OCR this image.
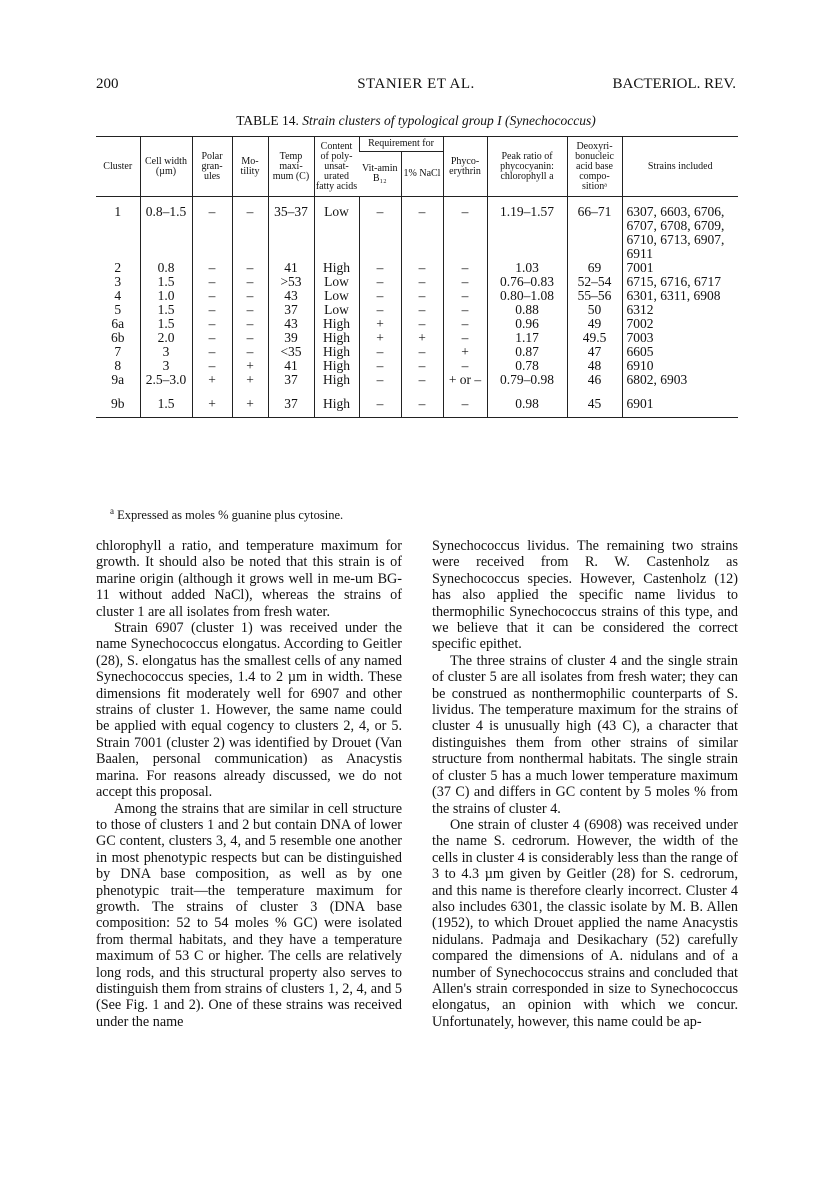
200	STANIER ET AL.	BACTERIOL. REV.
TABLE 14. Strain clusters of typological group I (Synechococcus)
Cluster	Cell width (µm)	Polar gran-ules	Mo-tility	Temp maxi-mum (C)	Content of poly-unsat-urated fatty acids	Requirement for		Phyco-erythrin	Peak ratio of phycocyanin: chlorophyll a	Deoxyri-bonucleic acid base compo-sitionᵃ	Strains included
						Vit-amin B₁₂	1% NaCl				
1	0.8–1.5	–	–	35–37	Low	–	–	–	1.19–1.57	66–71	6307, 6603, 6706, 6707, 6708, 6709, 6710, 6713, 6907, 6911
2	0.8	–	–	41	High	–	–	–	1.03	69	7001
3	1.5	–	–	>53	Low	–	–	–	0.76–0.83	52–54	6715, 6716, 6717
4	1.0	–	–	43	Low	–	–	–	0.80–1.08	55–56	6301, 6311, 6908
5	1.5	–	–	37	Low	–	–	–	0.88	50	6312
6a	1.5	–	–	43	High	+	–	–	0.96	49	7002
6b	2.0	–	–	39	High	+	+	–	1.17	49.5	7003
7	3	–	–	<35	High	–	–	+	0.87	47	6605
8	3	–	+	41	High	–	–	–	0.78	48	6910
9a	2.5–3.0	+	+	37	High	–	–	+ or –	0.79–0.98	46	6802, 6903
9b	1.5	+	+	37	High	–	–	–	0.98	45	6901
$^a$ Expressed as moles % guanine plus cytosine.

chlorophyll a ratio, and temperature maximum for growth. It should also be noted that this strain is of marine origin (although it grows well in me-um BG-11 without added NaCl), whereas the strains of cluster 1 are all isolates from fresh water.

Strain 6907 (cluster 1) was received under the name Synechococcus elongatus. According to Geitler (28), S. elongatus has the smallest cells of any named Synechococcus species, 1.4 to 2 µm in width. These dimensions fit moderately well for 6907 and other strains of cluster 1. However, the same name could be applied with equal cogency to clusters 2, 4, or 5. Strain 7001 (cluster 2) was identified by Drouet (Van Baalen, personal communication) as Anacystis marina. For reasons already discussed, we do not accept this proposal.

Among the strains that are similar in cell structure to those of clusters 1 and 2 but contain DNA of lower GC content, clusters 3, 4, and 5 resemble one another in most phenotypic respects but can be distinguished by DNA base composition, as well as by one phenotypic trait—the temperature maximum for growth. The strains of cluster 3 (DNA base composition: 52 to 54 moles % GC) were isolated from thermal habitats, and they have a temperature maximum of 53 C or higher. The cells are relatively long rods, and this structural property also serves to distinguish them from strains of clusters 1, 2, 4, and 5 (See Fig. 1 and 2). One of these strains was received under the name

Synechococcus lividus. The remaining two strains were received from R. W. Castenholz as Synechococcus species. However, Castenholz (12) has also applied the specific name lividus to thermophilic Synechococcus strains of this type, and we believe that it can be considered the correct specific epithet.

The three strains of cluster 4 and the single strain of cluster 5 are all isolates from fresh water; they can be construed as nonthermophilic counterparts of S. lividus. The temperature maximum for the strains of cluster 4 is unusually high (43 C), a character that distinguishes them from other strains of similar structure from nonthermal habitats. The single strain of cluster 5 has a much lower temperature maximum (37 C) and differs in GC content by 5 moles % from the strains of cluster 4.

One strain of cluster 4 (6908) was received under the name S. cedrorum. However, the width of the cells in cluster 4 is considerably less than the range of 3 to 4.3 µm given by Geitler (28) for S. cedrorum, and this name is therefore clearly incorrect. Cluster 4 also includes 6301, the classic isolate by M. B. Allen (1952), to which Drouet applied the name Anacystis nidulans. Padmaja and Desikachary (52) carefully compared the dimensions of A. nidulans and of a number of Synechococcus strains and concluded that Allen's strain corresponded in size to Synechococcus elongatus, an opinion with which we concur. Unfortunately, however, this name could be ap-
